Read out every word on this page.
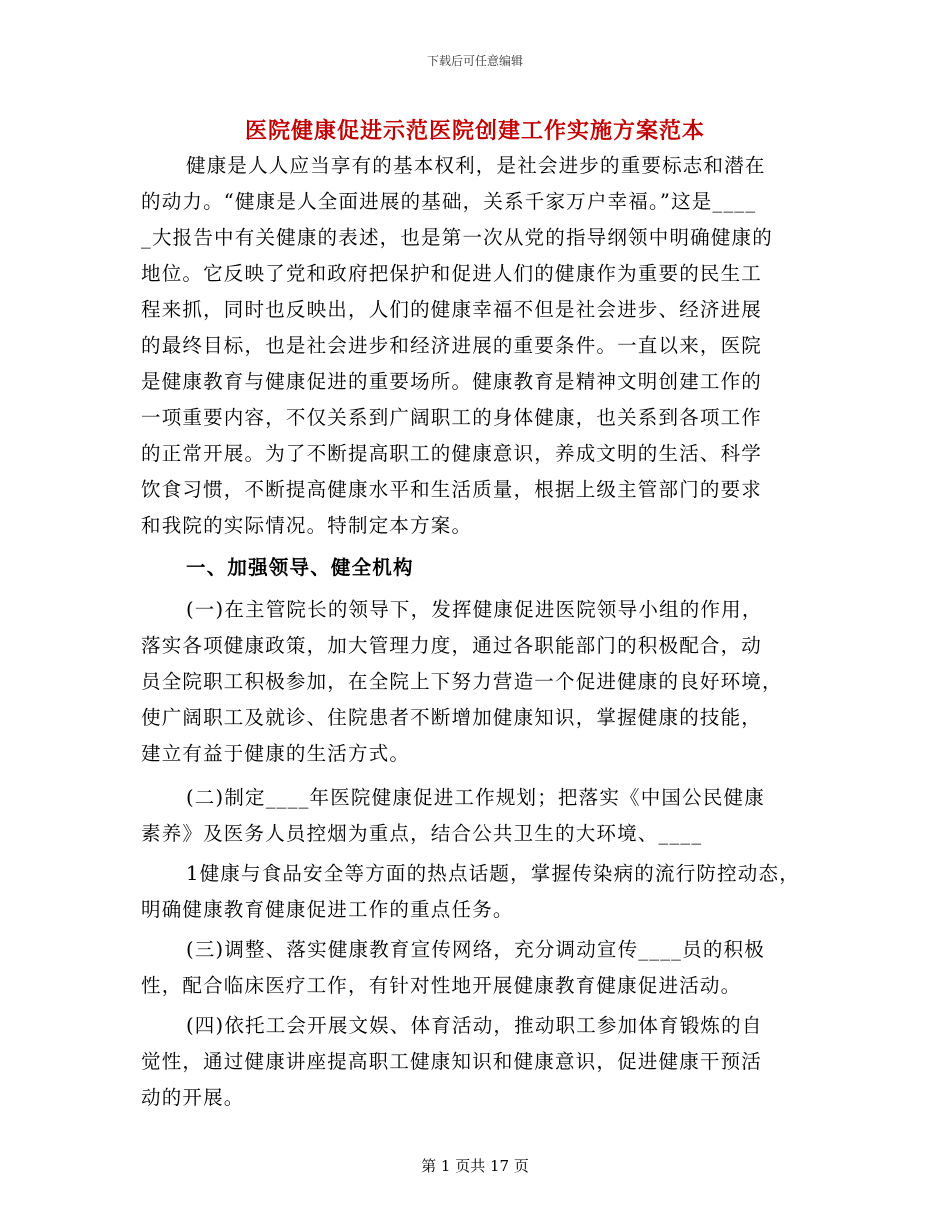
下载后可任意编辑
医院健康促进示范医院创建工作实施方案范本
健康是人人应当享有的基本权利，是社会进步的重要标志和潜在
的动力。“健康是人全面进展的基础，关系千家万户幸福。”这是____
_大报告中有关健康的表述，也是第一次从党的指导纲领中明确健康的
地位。它反映了党和政府把保护和促进人们的健康作为重要的民生工
程来抓，同时也反映出，人们的健康幸福不但是社会进步、经济进展
的最终目标，也是社会进步和经济进展的重要条件。一直以来，医院
是健康教育与健康促进的重要场所。健康教育是精神文明创建工作的
一项重要内容，不仅关系到广阔职工的身体健康，也关系到各项工作
的正常开展。为了不断提高职工的健康意识，养成文明的生活、科学
饮食习惯，不断提高健康水平和生活质量，根据上级主管部门的要求
和我院的实际情况。特制定本方案。
一、加强领导、健全机构
(一)在主管院长的领导下，发挥健康促进医院领导小组的作用，
落实各项健康政策，加大管理力度，通过各职能部门的积极配合，动
员全院职工积极参加，在全院上下努力营造一个促进健康的良好环境，
使广阔职工及就诊、住院患者不断增加健康知识，掌握健康的技能，
建立有益于健康的生活方式。
(二)制定____年医院健康促进工作规划；把落实《中国公民健康
素养》及医务人员控烟为重点，结合公共卫生的大环境、____
1健康与食品安全等方面的热点话题，掌握传染病的流行防控动态，
明确健康教育健康促进工作的重点任务。
(三)调整、落实健康教育宣传网络，充分调动宣传____员的积极
性，配合临床医疗工作，有针对性地开展健康教育健康促进活动。
(四)依托工会开展文娱、体育活动，推动职工参加体育锻炼的自
觉性，通过健康讲座提高职工健康知识和健康意识，促进健康干预活
动的开展。
第 1 页共 17 页
